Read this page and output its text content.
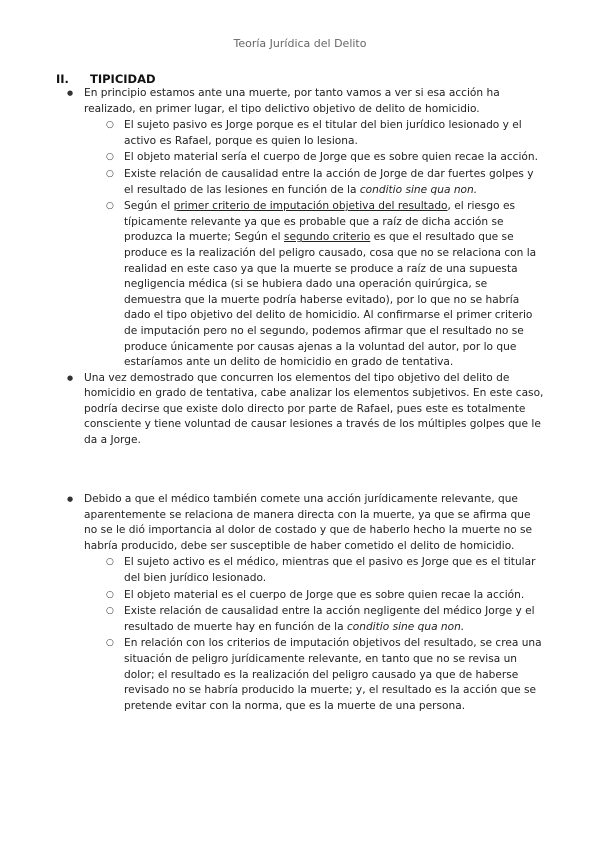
Teoría Jurídica del Delito
II. TIPICIDAD
● En principio estamos ante una muerte, por tanto vamos a ver si esa acción ha realizado, en primer lugar, el tipo delictivo objetivo de delito de homicidio.
○ El sujeto pasivo es Jorge porque es el titular del bien jurídico lesionado y el activo es Rafael, porque es quien lo lesiona.
○ El objeto material sería el cuerpo de Jorge que es sobre quien recae la acción.
○ Existe relación de causalidad entre la acción de Jorge de dar fuertes golpes y el resultado de las lesiones en función de la conditio sine qua non.
○ Según el primer criterio de imputación objetiva del resultado, el riesgo es típicamente relevante ya que es probable que a raíz de dicha acción se produzca la muerte; Según el segundo criterio es que el resultado que se produce es la realización del peligro causado, cosa que no se relaciona con la realidad en este caso ya que la muerte se produce a raíz de una supuesta negligencia médica (si se hubiera dado una operación quirúrgica, se demuestra que la muerte podría haberse evitado), por lo que no se habría dado el tipo objetivo del delito de homicidio. Al confirmarse el primer criterio de imputación pero no el segundo, podemos afirmar que el resultado no se produce únicamente por causas ajenas a la voluntad del autor, por lo que estaríamos ante un delito de homicidio en grado de tentativa.
● Una vez demostrado que concurren los elementos del tipo objetivo del delito de homicidio en grado de tentativa, cabe analizar los elementos subjetivos. En este caso, podría decirse que existe dolo directo por parte de Rafael, pues este es totalmente consciente y tiene voluntad de causar lesiones a través de los múltiples golpes que le da a Jorge.
● Debido a que el médico también comete una acción jurídicamente relevante, que aparentemente se relaciona de manera directa con la muerte, ya que se afirma que no se le dió importancia al dolor de costado y que de haberlo hecho la muerte no se habría producido, debe ser susceptible de haber cometido el delito de homicidio.
○ El sujeto activo es el médico, mientras que el pasivo es Jorge que es el titular del bien jurídico lesionado.
○ El objeto material es el cuerpo de Jorge que es sobre quien recae la acción.
○ Existe relación de causalidad entre la acción negligente del médico Jorge y el resultado de muerte hay en función de la conditio sine qua non.
○ En relación con los criterios de imputación objetivos del resultado, se crea una situación de peligro jurídicamente relevante, en tanto que no se revisa un dolor; el resultado es la realización del peligro causado ya que de haberse revisado no se habría producido la muerte; y, el resultado es la acción que se pretende evitar con la norma, que es la muerte de una persona.
